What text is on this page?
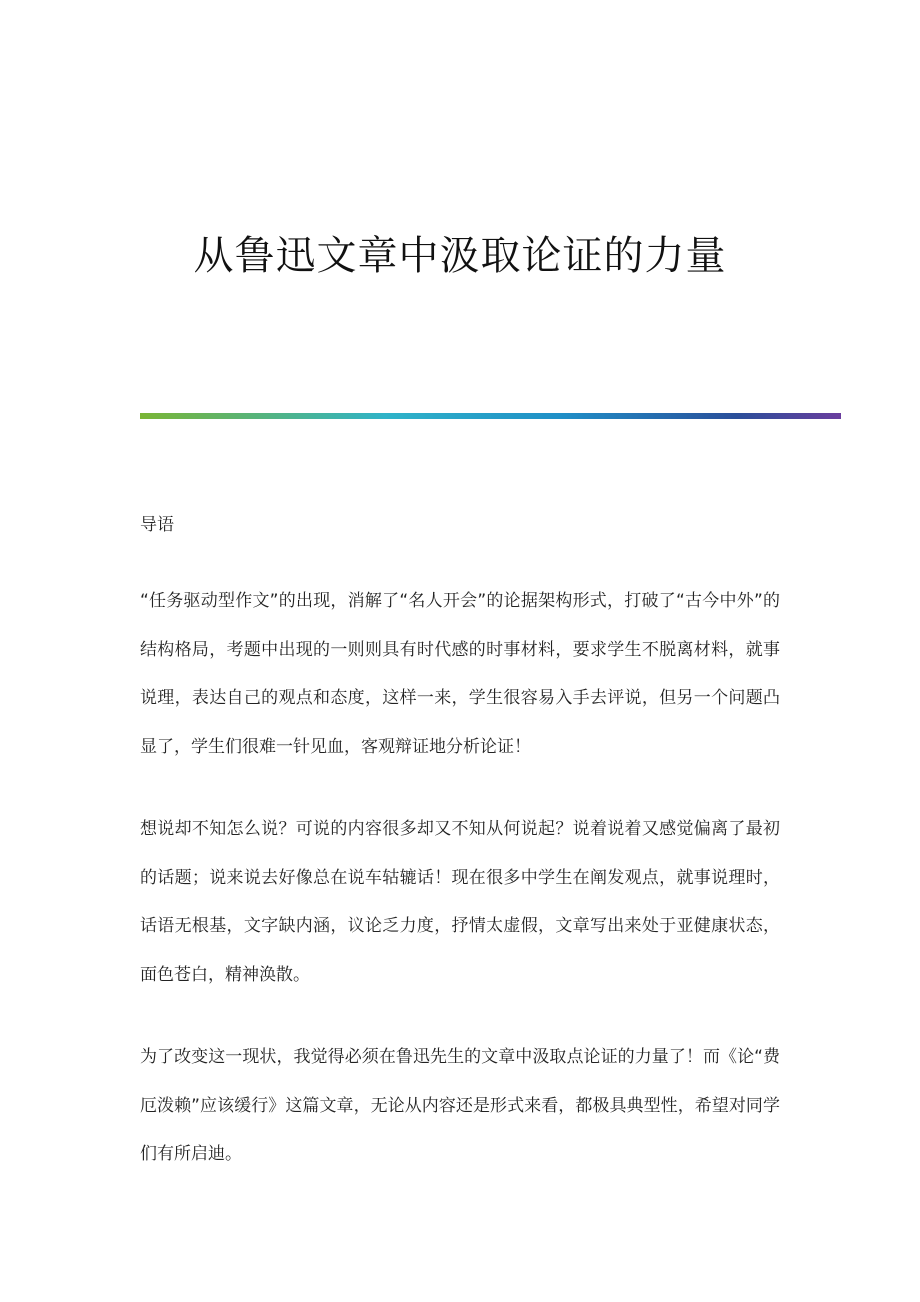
从鲁迅文章中汲取论证的力量

导语

“任务驱动型作文”的出现，消解了“名人开会”的论据架构形式，打破了“古今中外”的结构格局，考题中出现的一则则具有时代感的时事材料，要求学生不脱离材料，就事说理，表达自己的观点和态度，这样一来，学生很容易入手去评说，但另一个问题凸显了，学生们很难一针见血，客观辩证地分析论证！

想说却不知怎么说？可说的内容很多却又不知从何说起？说着说着又感觉偏离了最初的话题；说来说去好像总在说车轱辘话！现在很多中学生在阐发观点，就事说理时，话语无根基，文字缺内涵，议论乏力度，抒情太虚假，文章写出来处于亚健康状态，面色苍白，精神涣散。

为了改变这一现状，我觉得必须在鲁迅先生的文章中汲取点论证的力量了！而《论“费厄泼赖”应该缓行》这篇文章，无论从内容还是形式来看，都极具典型性，希望对同学们有所启迪。
